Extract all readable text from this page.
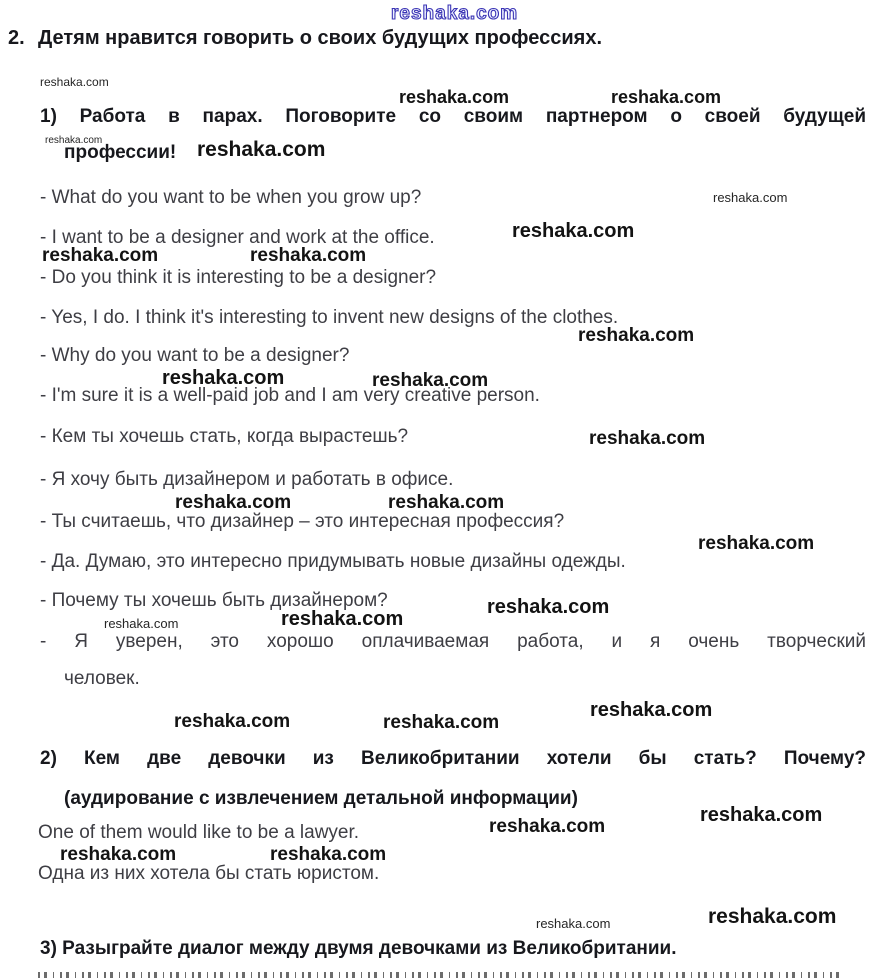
reshaka.com
2. Детям нравится говорить о своих будущих профессиях.
reshaka.com
reshaka.com	reshaka.com
1) Работа в парах. Поговорите со своим партнером о своей будущей
reshaka.com
профессии! reshaka.com
- What do you want to be when you grow up?	reshaka.com
- I want to be a designer and work at the office.	reshaka.com
reshaka.com	reshaka.com
- Do you think it is interesting to be a designer?
- Yes, I do. I think it's interesting to invent new designs of the clothes.
reshaka.com
- Why do you want to be a designer?
reshaka.com	reshaka.com
- I'm sure it is a well-paid job and I am very creative person.
- Кем ты хочешь стать, когда вырастешь?	reshaka.com
- Я хочу быть дизайнером и работать в офисе.
reshaka.com	reshaka.com
- Ты считаешь, что дизайнер – это интересная профессия?
reshaka.com
- Да. Думаю, это интересно придумывать новые дизайны одежды.
- Почему ты хочешь быть дизайнером?	reshaka.com
reshaka.com	reshaka.com
- Я уверен, это хорошо оплачиваемая работа, и я очень творческий
человек.
reshaka.com
reshaka.com	reshaka.com
2) Кем две девочки из Великобритании хотели бы стать? Почему?
(аудирование с извлечением детальной информации)
reshaka.com
One of them would like to be a lawyer.	reshaka.com
reshaka.com	reshaka.com
Одна из них хотела бы стать юристом.
reshaka.com	reshaka.com
3) Разыграйте диалог между двумя девочками из Великобритании.
